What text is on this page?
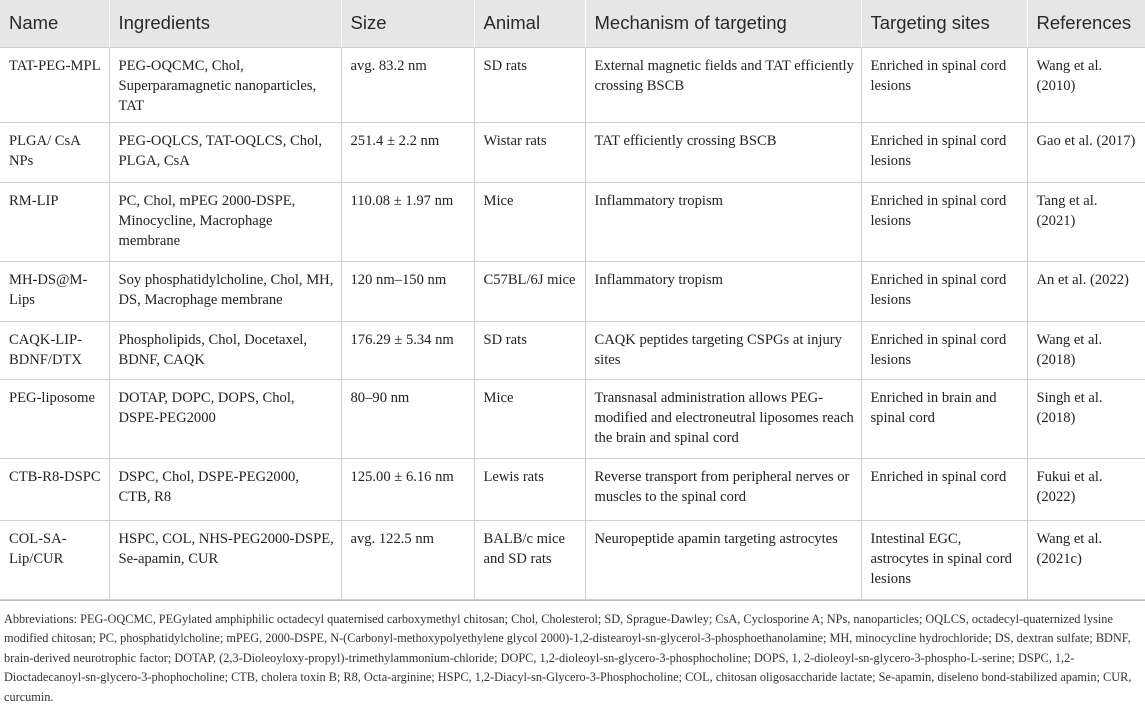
Name	Ingredients	Size	Animal	Mechanism of targeting	Targeting sites	References
TAT-PEG-MPL	PEG-OQCMC, Chol, Superparamagnetic nanoparticles, TAT	avg. 83.2 nm	SD rats	External magnetic fields and TAT efficiently crossing BSCB	Enriched in spinal cord lesions	Wang et al. (2010)
PLGA/ CsA NPs	PEG-OQLCS, TAT-OQLCS, Chol, PLGA, CsA	251.4 ± 2.2 nm	Wistar rats	TAT efficiently crossing BSCB	Enriched in spinal cord lesions	Gao et al. (2017)
RM-LIP	PC, Chol, mPEG 2000-DSPE, Minocycline, Macrophage membrane	110.08 ± 1.97 nm	Mice	Inflammatory tropism	Enriched in spinal cord lesions	Tang et al. (2021)
MH-DS@M-Lips	Soy phosphatidylcholine, Chol, MH, DS, Macrophage membrane	120 nm–150 nm	C57BL/6J mice	Inflammatory tropism	Enriched in spinal cord lesions	An et al. (2022)
CAQK-LIP-BDNF/DTX	Phospholipids, Chol, Docetaxel, BDNF, CAQK	176.29 ± 5.34 nm	SD rats	CAQK peptides targeting CSPGs at injury sites	Enriched in spinal cord lesions	Wang et al. (2018)
PEG-liposome	DOTAP, DOPC, DOPS, Chol, DSPE-PEG2000	80–90 nm	Mice	Transnasal administration allows PEG-modified and electroneutral liposomes reach the brain and spinal cord	Enriched in brain and spinal cord	Singh et al. (2018)
CTB-R8-DSPC	DSPC, Chol, DSPE-PEG2000, CTB, R8	125.00 ± 6.16 nm	Lewis rats	Reverse transport from peripheral nerves or muscles to the spinal cord	Enriched in spinal cord	Fukui et al. (2022)
COL-SA-Lip/CUR	HSPC, COL, NHS-PEG2000-DSPE, Se-apamin, CUR	avg. 122.5 nm	BALB/c mice and SD rats	Neuropeptide apamin targeting astrocytes	Intestinal EGC, astrocytes in spinal cord lesions	Wang et al. (2021c)
Abbreviations: PEG-OQCMC, PEGylated amphiphilic octadecyl quaternised carboxymethyl chitosan; Chol, Cholesterol; SD, Sprague-Dawley; CsA, Cyclosporine A; NPs, nanoparticles; OQLCS, octadecyl-quaternized lysine modified chitosan; PC, phosphatidylcholine; mPEG, 2000-DSPE, N-(Carbonyl-methoxypolyethylene glycol 2000)-1,2-distearoyl-sn-glycerol-3-phosphoethanolamine; MH, minocycline hydrochloride; DS, dextran sulfate; BDNF, brain-derived neurotrophic factor; DOTAP, (2,3-Dioleoyloxy-propyl)-trimethylammonium-chloride; DOPC, 1,2-dioleoyl-sn-glycero-3-phosphocholine; DOPS, 1, 2-dioleoyl-sn-glycero-3-phospho-L-serine; DSPC, 1,2-Dioctadecanoyl-sn-glycero-3-phophocholine; CTB, cholera toxin B; R8, Octa-arginine; HSPC, 1,2-Diacyl-sn-Glycero-3-Phosphocholine; COL, chitosan oligosaccharide lactate; Se-apamin, diseleno bond-stabilized apamin; CUR, curcumin.
